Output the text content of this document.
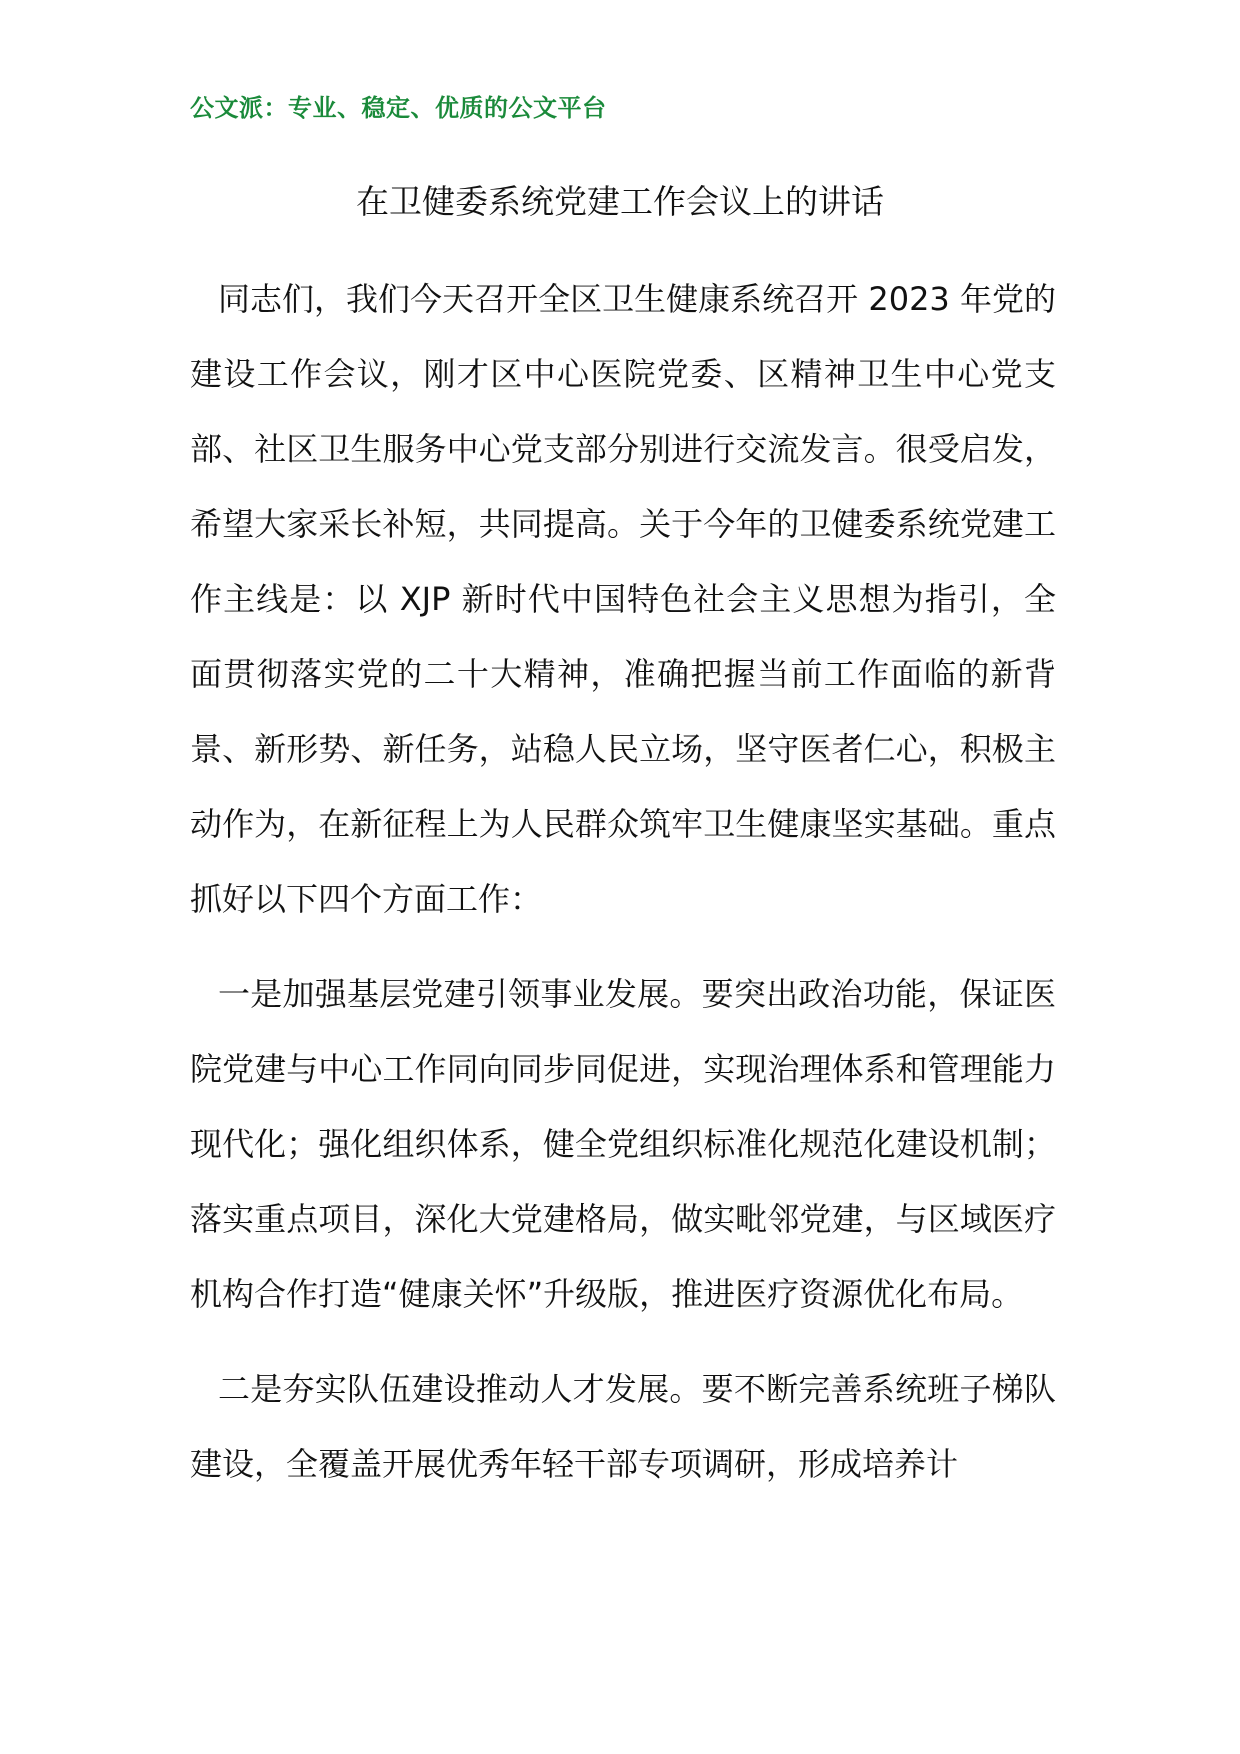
公文派：专业、稳定、优质的公文平台
在卫健委系统党建工作会议上的讲话

同志们，我们今天召开全区卫生健康系统召开 2023 年党的建设工作会议，刚才区中心医院党委、区精神卫生中心党支部、社区卫生服务中心党支部分别进行交流发言。很受启发，希望大家采长补短，共同提高。关于今年的卫健委系统党建工作主线是：以 XJP 新时代中国特色社会主义思想为指引，全面贯彻落实党的二十大精神，准确把握当前工作面临的新背景、新形势、新任务，站稳人民立场，坚守医者仁心，积极主动作为，在新征程上为人民群众筑牢卫生健康坚实基础。重点抓好以下四个方面工作：

一是加强基层党建引领事业发展。要突出政治功能，保证医院党建与中心工作同向同步同促进，实现治理体系和管理能力现代化；强化组织体系，健全党组织标准化规范化建设机制；落实重点项目，深化大党建格局，做实毗邻党建，与区域医疗机构合作打造“健康关怀”升级版，推进医疗资源优化布局。

二是夯实队伍建设推动人才发展。要不断完善系统班子梯队建设，全覆盖开展优秀年轻干部专项调研，形成培养计
